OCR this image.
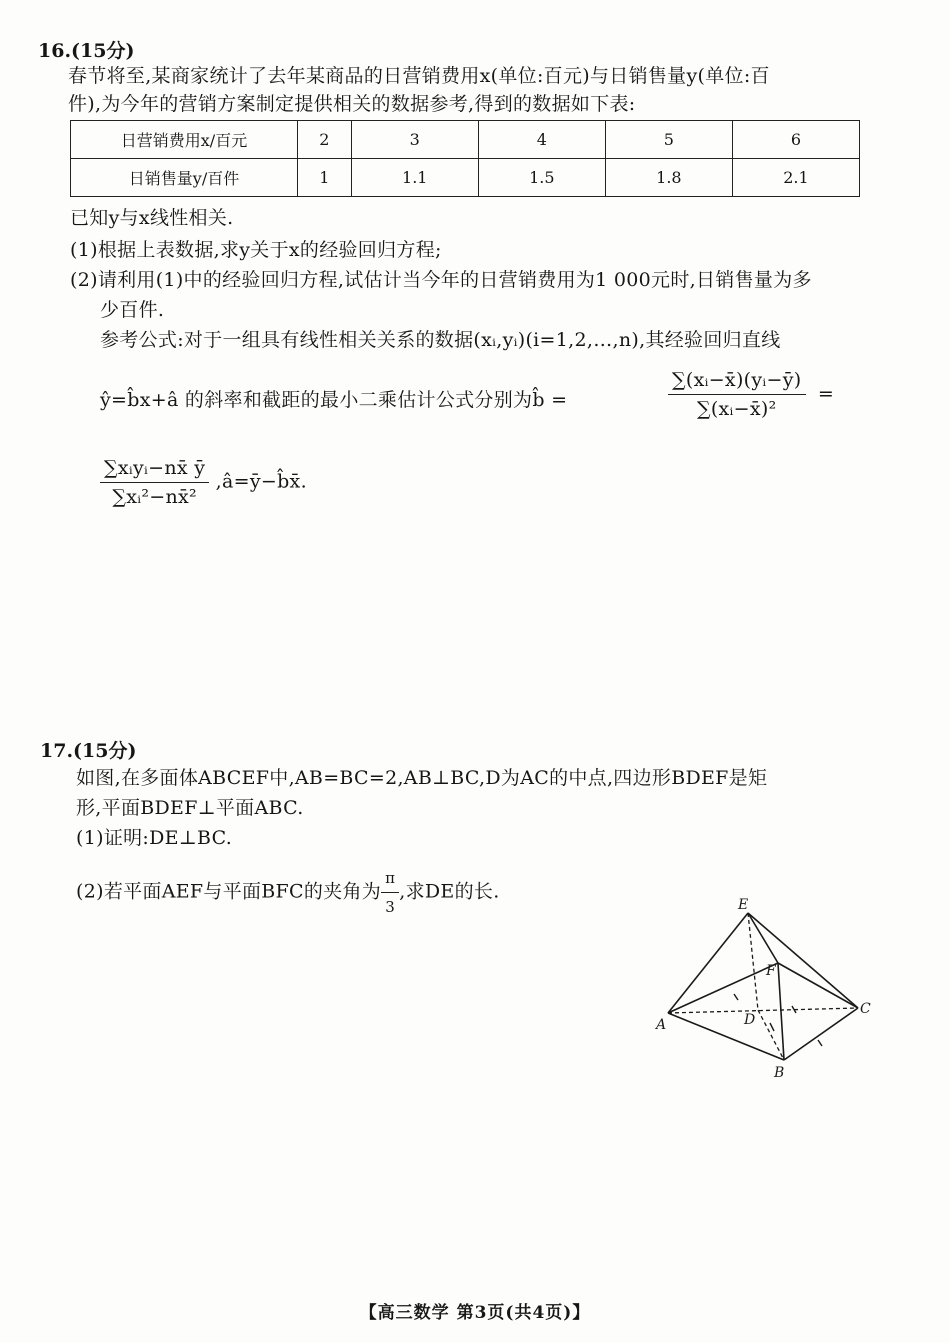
16.(15分)
春节将至,某商家统计了去年某商品的日营销费用x(单位:百元)与日销售量y(单位:百
件),为今年的营销方案制定提供相关的数据参考,得到的数据如下表:
日营销费用x/百元	2	3	4	5	6
日销售量y/百件	1	1.1	1.5	1.8	2.1
已知y与x线性相关.
(1)根据上表数据,求y关于x的经验回归方程;
(2)请利用(1)中的经验回归方程,试估计当今年的日营销费用为1 000元时,日销售量为多
少百件.
参考公式:对于一组具有线性相关关系的数据(xᵢ,yᵢ)(i=1,2,…,n),其经验回归直线
ŷ=b̂x+â 的斜率和截距的最小二乘估计公式分别为b̂ =	$\frac{\text{∑(xᵢ−x̄)(yᵢ−ȳ)}}{\text{∑(xᵢ−x̄)²}}$ =
$\frac{\text{∑xᵢyᵢ−nx̄ ȳ}}{\text{∑xᵢ²−nx̄²}}$ ,â=ȳ−b̂x̄.
17.(15分)
如图,在多面体ABCEF中,AB=BC=2,AB⊥BC,D为AC的中点,四边形BDEF是矩
形,平面BDEF⊥平面ABC.
(1)证明:DE⊥BC.
(2)若平面AEF与平面BFC的夹角为 $\frac{\pi}{3}$ ,求DE的长.
E
F
A	D
C
B
【高三数学 第3页(共4页)】
